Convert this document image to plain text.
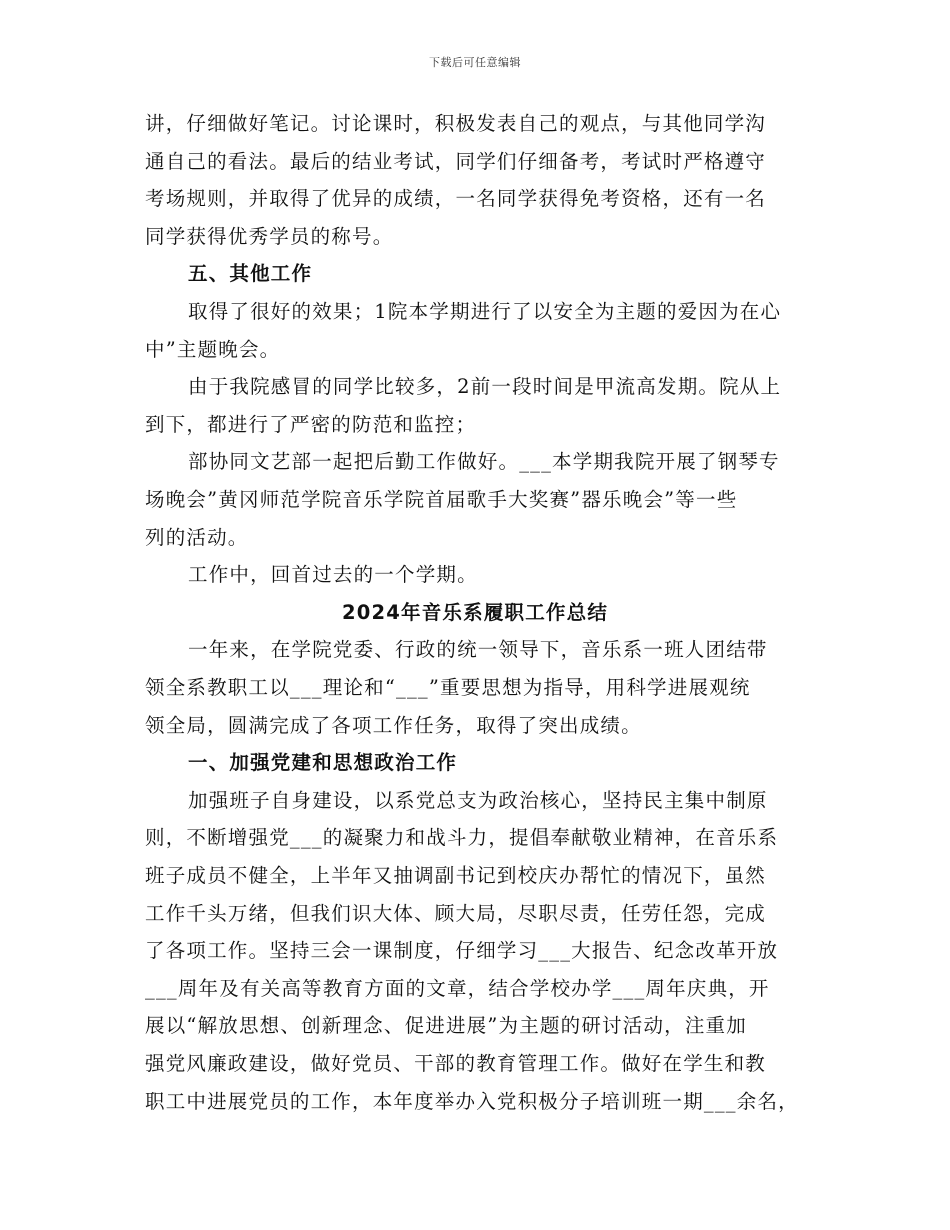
下载后可任意编辑
讲，仔细做好笔记。讨论课时，积极发表自己的观点，与其他同学沟
通自己的看法。最后的结业考试，同学们仔细备考，考试时严格遵守
考场规则，并取得了优异的成绩，一名同学获得免考资格，还有一名
同学获得优秀学员的称号。
五、其他工作
取得了很好的效果；1院本学期进行了以安全为主题的爱因为在心
中”主题晚会。
由于我院感冒的同学比较多，2前一段时间是甲流高发期。院从上
到下，都进行了严密的防范和监控；
部协同文艺部一起把后勤工作做好。___本学期我院开展了钢琴专
场晚会”黄冈师范学院音乐学院首届歌手大奖赛”器乐晚会”等一些
列的活动。
工作中，回首过去的一个学期。
2024年音乐系履职工作总结
一年来，在学院党委、行政的统一领导下，音乐系一班人团结带
领全系教职工以___理论和“___”重要思想为指导，用科学进展观统
领全局，圆满完成了各项工作任务，取得了突出成绩。
一、加强党建和思想政治工作
加强班子自身建设，以系党总支为政治核心，坚持民主集中制原
则，不断增强党___的凝聚力和战斗力，提倡奉献敬业精神，在音乐系
班子成员不健全，上半年又抽调副书记到校庆办帮忙的情况下，虽然
工作千头万绪，但我们识大体、顾大局，尽职尽责，任劳任怨，完成
了各项工作。坚持三会一课制度，仔细学习___大报告、纪念改革开放
___周年及有关高等教育方面的文章，结合学校办学___周年庆典，开
展以“解放思想、创新理念、促进进展”为主题的研讨活动，注重加
强党风廉政建设，做好党员、干部的教育管理工作。做好在学生和教
职工中进展党员的工作，本年度举办入党积极分子培训班一期___余名，
